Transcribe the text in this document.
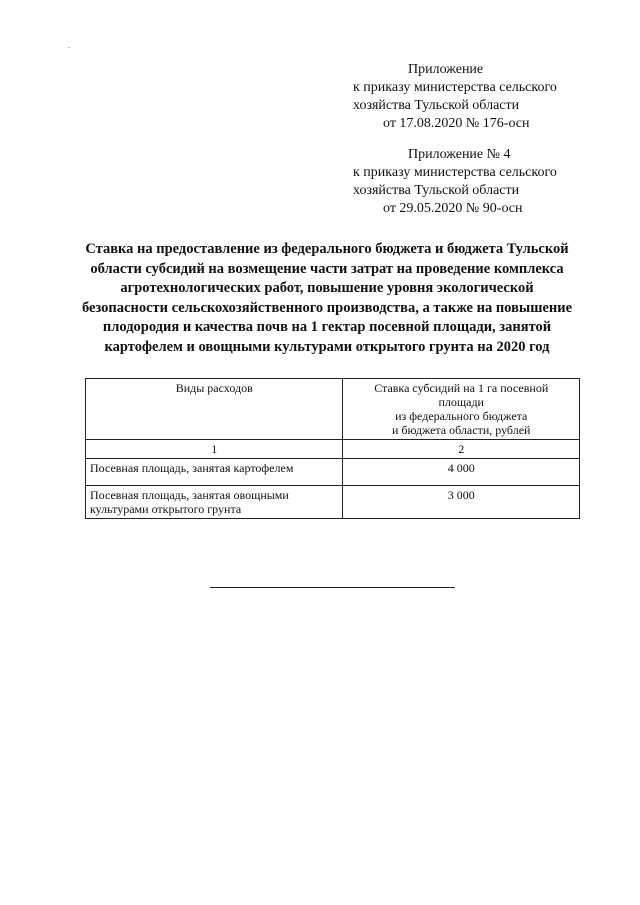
Приложение
к приказу министерства сельского
хозяйства Тульской области
от 17.08.2020 № 176-осн
Приложение № 4
к приказу министерства сельского
хозяйства Тульской области
от 29.05.2020 № 90-осн
Ставка на предоставление из федерального бюджета и бюджета Тульской
области субсидий на возмещение части затрат на проведение комплекса
агротехнологических работ, повышение уровня экологической
безопасности сельскохозяйственного производства, а также на повышение
плодородия и качества почв на 1 гектар посевной площади, занятой
картофелем и овощными культурами открытого грунта на 2020 год
Виды расходов	Ставка субсидий на 1 га посевной
площади
из федерального бюджета
и бюджета области, рублей

1	2
Посевная площадь, занятая картофелем	4 000
Посевная площадь, занятая овощными культурами открытого грунта	3 000
